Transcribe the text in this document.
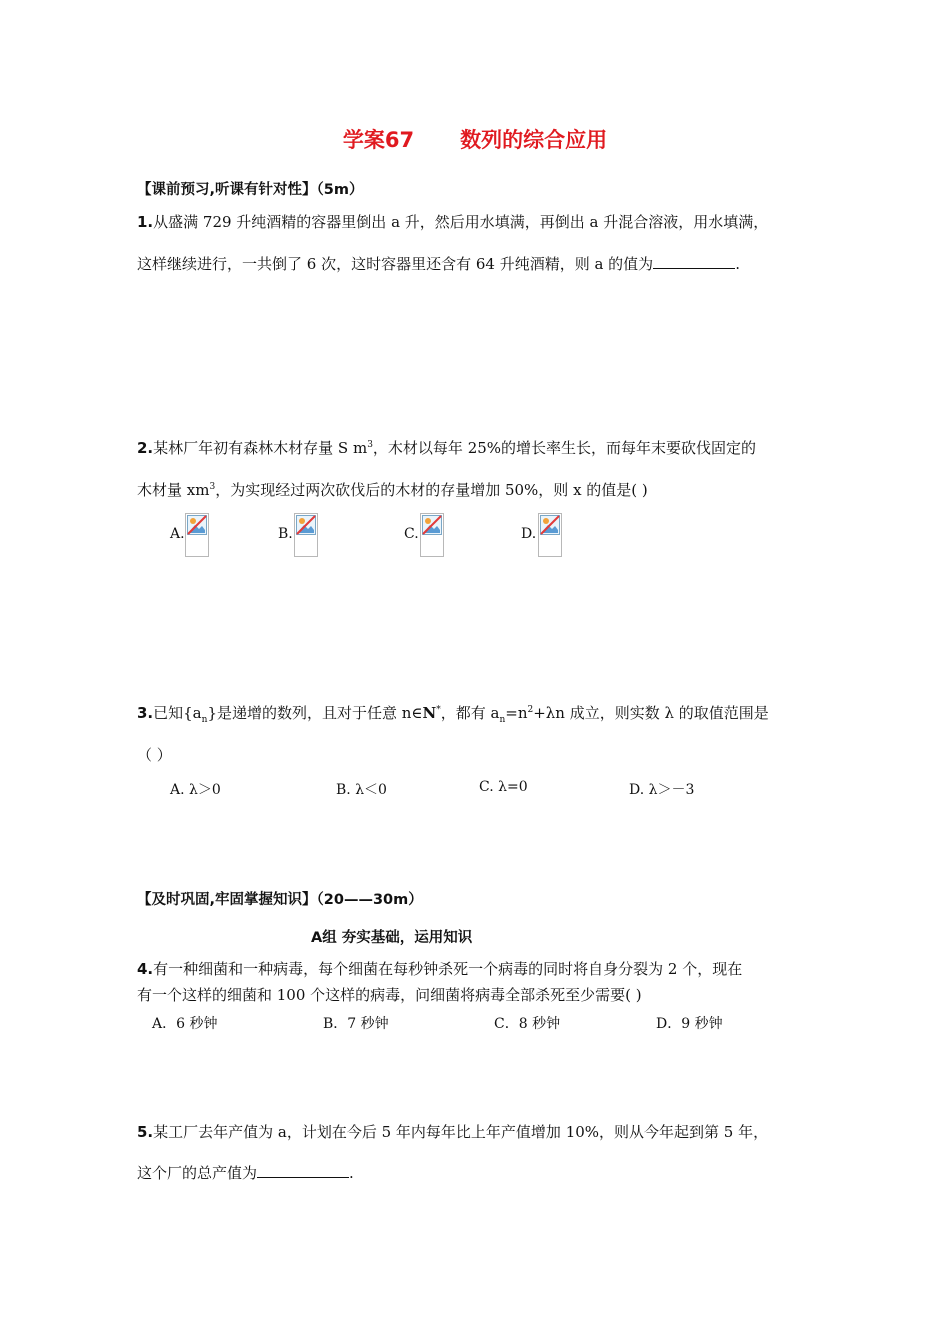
学案67 数列的综合应用
【课前预习,听课有针对性】（5m）
1.从盛满 729 升纯酒精的容器里倒出 a 升，然后用水填满，再倒出 a 升混合溶液，用水填满，
这样继续进行，一共倒了 6 次，这时容器里还含有 64 升纯酒精，则 a 的值为	.
2.某林厂年初有森林木材存量 S $m^3$，木材以每年 25%的增长率生长，而每年末要砍伐固定的
木材量 $xm^3$，为实现经过两次砍伐后的木材的存量增加 50%，则 x 的值是( )
A.	B.	C.	D.
3.已知$\{a_n\}$是递增的数列，且对于任意 n∈N*，都有 $a_n=n^2+\lambda n$ 成立，则实数 λ 的取值范围是
（ ）
A. λ＞0	B. λ＜0	C. λ=0	D. λ＞－3
【及时巩固,牢固掌握知识】（20——30m）
A组 夯实基础，运用知识
4.有一种细菌和一种病毒，每个细菌在每秒钟杀死一个病毒的同时将自身分裂为 2 个，现在
有一个这样的细菌和 100 个这样的病毒，问细菌将病毒全部杀死至少需要( )
A．6 秒钟	B．7 秒钟	C．8 秒钟	D．9 秒钟
5.某工厂去年产值为 a，计划在今后 5 年内每年比上年产值增加 10%，则从今年起到第 5 年，
这个厂的总产值为	.
